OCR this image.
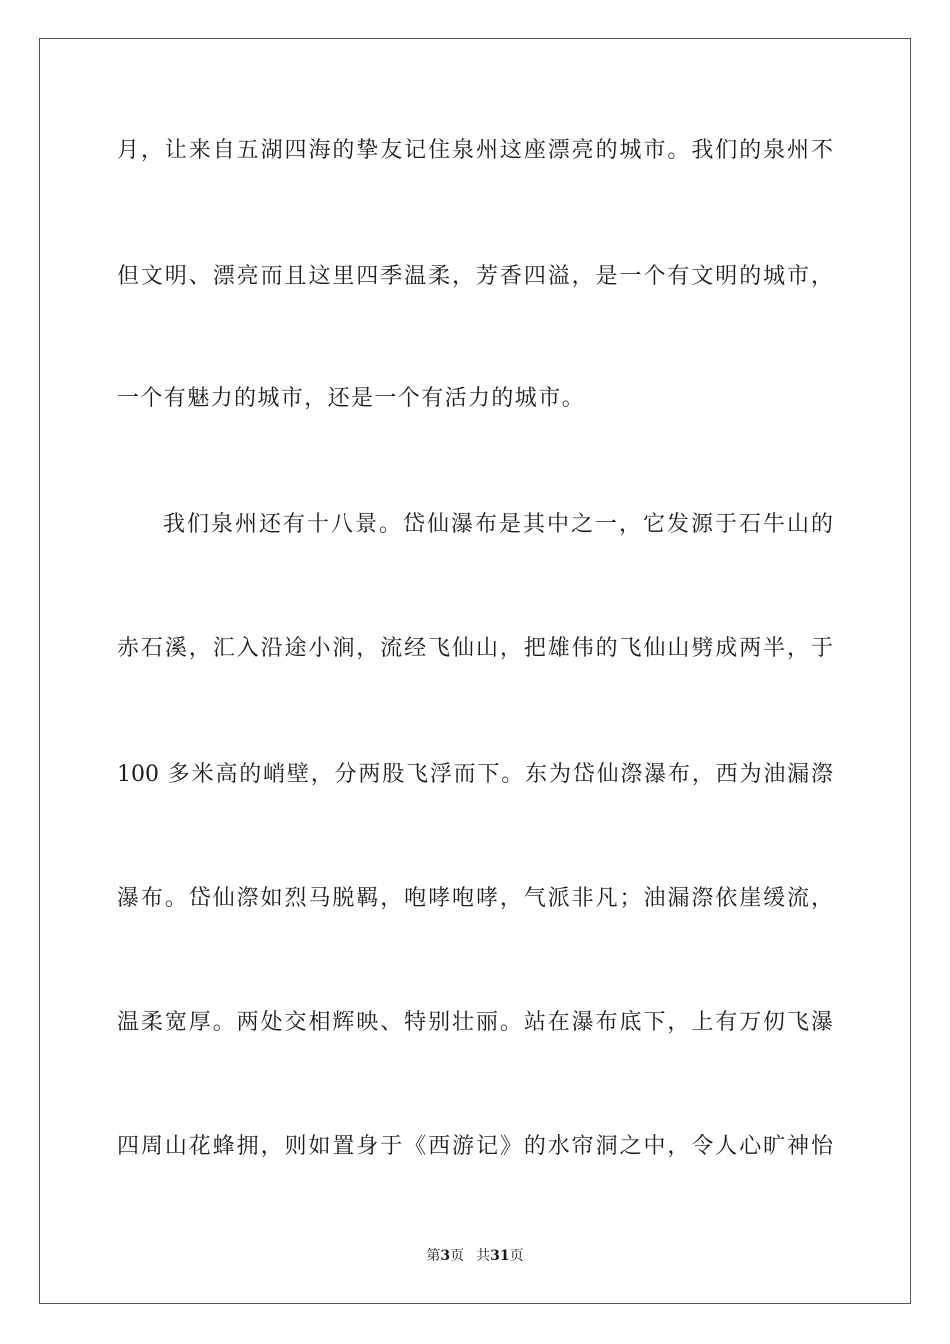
月，让来自五湖四海的挚友记住泉州这座漂亮的城市。我们的泉州不
但文明、漂亮而且这里四季温柔，芳香四溢，是一个有文明的城市，
一个有魅力的城市，还是一个有活力的城市。
我们泉州还有十八景。岱仙瀑布是其中之一，它发源于石牛山的
赤石溪，汇入沿途小涧，流经飞仙山，把雄伟的飞仙山劈成两半，于
100 多米高的峭壁，分两股飞浮而下。东为岱仙漈瀑布，西为油漏漈
瀑布。岱仙漈如烈马脱羁，咆哮咆哮，气派非凡；油漏漈依崖缓流，
温柔宽厚。两处交相辉映、特别壮丽。站在瀑布底下，上有万仞飞瀑
四周山花蜂拥，则如置身于《西游记》的水帘洞之中，令人心旷神怡
第3页 共31页
